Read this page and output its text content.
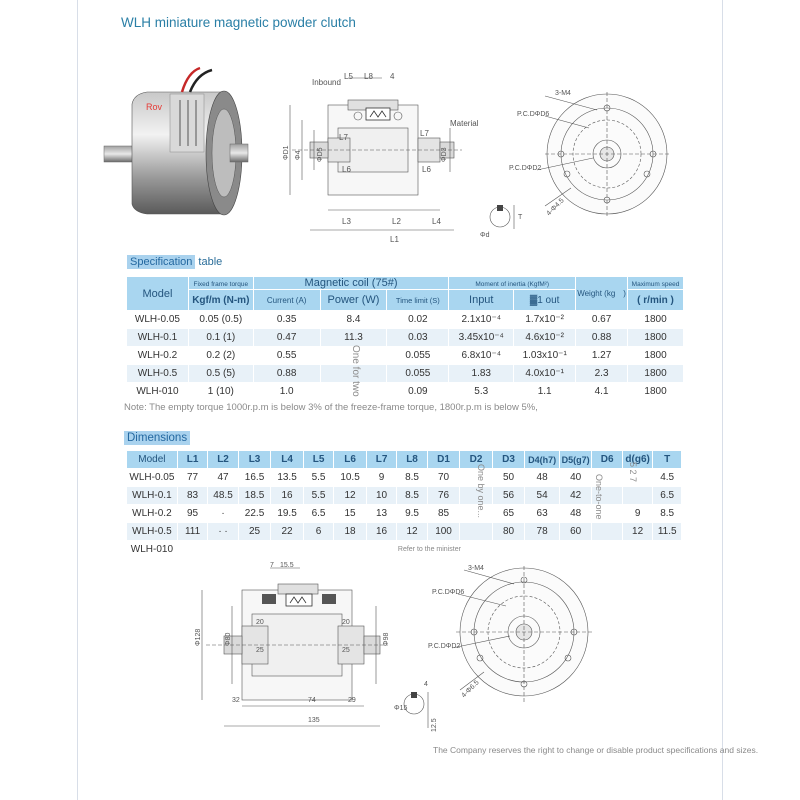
WLH miniature magnetic powder clutch
Rov
Inbound
Material
L5 L8 4
L7	L7
L6	L6
L3	L2	L4
L1
ΦD1 Φ4 ΦD5	ΦD3
Φd
T
3-M4
P.C.DΦD6
P.C.DΦD2
4-Φ4.5
Specification table
Model	Fixed frame torque	Magnetic coil (75#)			Moment of inertia (KgfM²)		Weight (kg　)	Maximum speed
	Kgf/m (N-m)	Current (A)	Power (W)	Time limit (S)	Input	▓1 out		( r/min )
WLH-0.05	0.05 (0.5)	0.35	8.4	0.02	2.1x10⁻⁴	1.7x10⁻²	0.67	1800
WLH-0.1	0.1 (1)	0.47	11.3	0.03	3.45x10⁻⁴	4.6x10⁻²	0.88	1800
WLH-0.2	0.2 (2)	0.55		0.055	6.8x10⁻⁴	1.03x10⁻¹	1.27	1800
WLH-0.5	0.5 (5)	0.88		0.055	1.83	4.0x10⁻¹	2.3	1800
WLH-010	1 (10)	1.0		0.09	5.3	1.1	4.1	1800
One for two
Note: The empty torque 1000r.p.m is below 3% of the freeze-frame torque, 1800r.p.m is below 5%,
Dimensions
Model	L1	L2	L3	L4	L5	L6	L7	L8	D1	D2	D3	D4(h7)	D5(g7)	D6	d(g6)	T
WLH-0.05	77	47	16.5	13.5	5.5	10.5	9	8.5	70		50	48	40			4.5
WLH-0.1	83	48.5	18.5	16	5.5	12	10	8.5	76		56	54	42			6.5
WLH-0.2	95	·	22.5	19.5	6.5	15	13	9.5	85		65	63	48		9	8.5
WLH-0.5	111	· ·	25	22	6	18	16	12	100		80	78	60		12	11.5
WLH-010	Refer to the minister															
One by one...	One-to-one
5 2 7
7 15.5
20	20
25	25
32	74	29
135
Φ128	Φ80	Φ98
4
Φ15
12.5
3-M4
P.C.DΦD6
P.C.DΦD2
4-Φ6.5
The Company reserves the right to change or disable product specifications and sizes.
